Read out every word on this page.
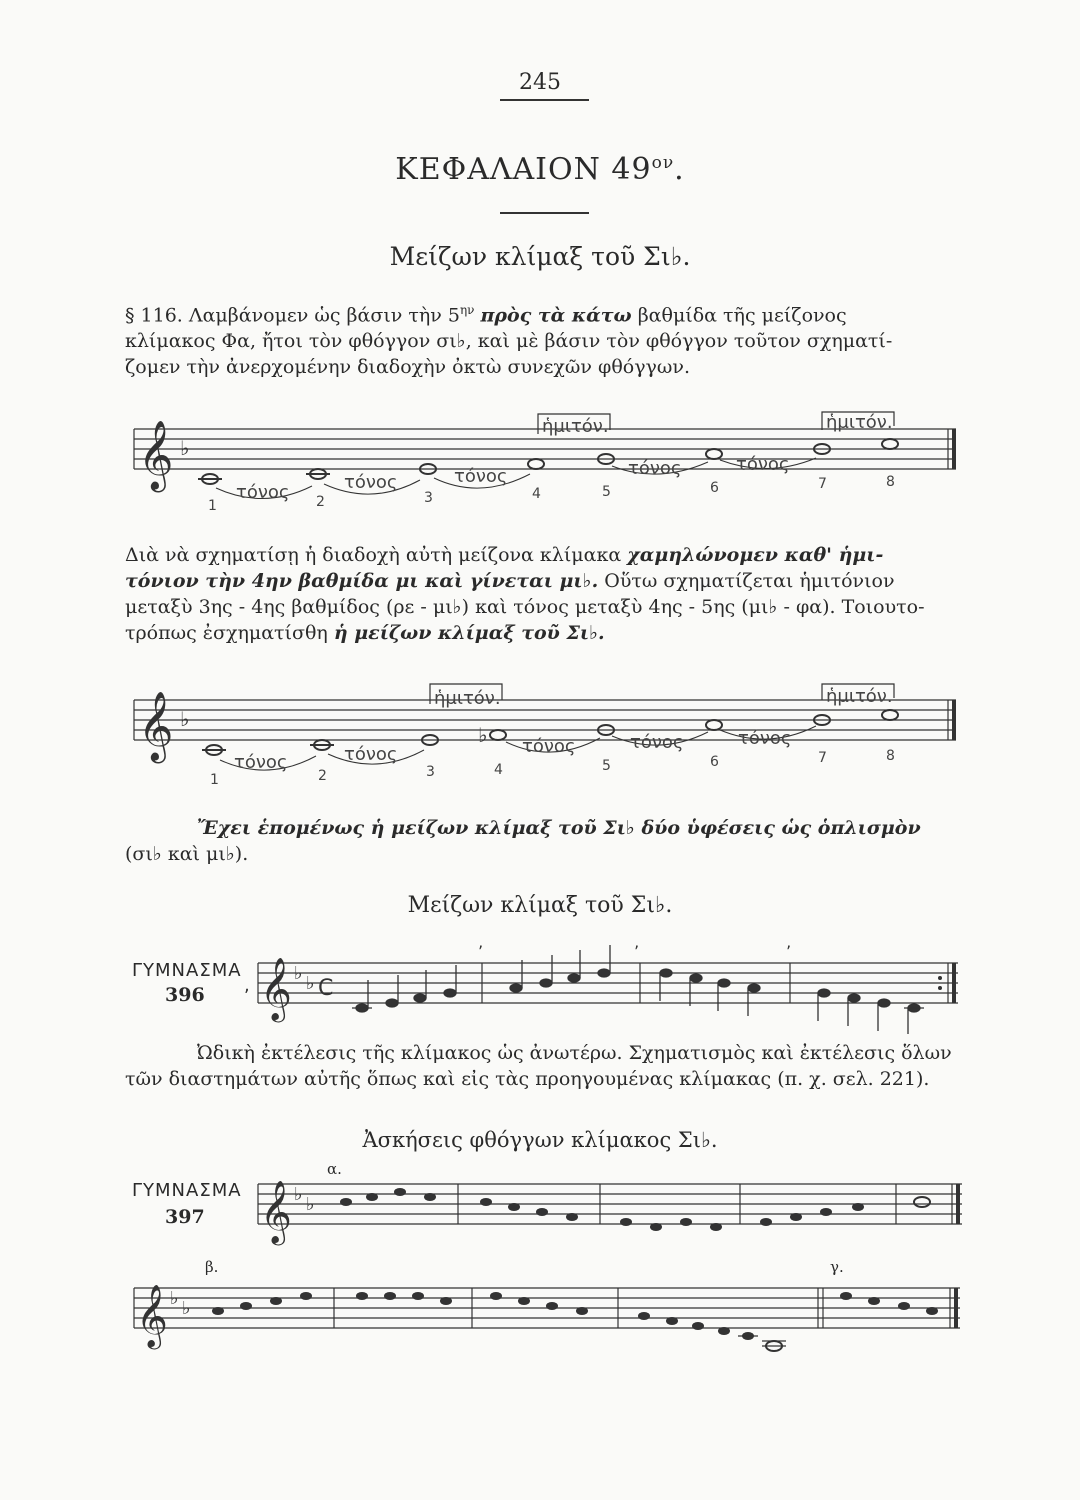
245
ΚΕΦΑΛΑΙΟΝ $49^{o\nu}$.
Μείζων κλίμαξ τοῦ Σι♭.
§ 116. Λαμβάνομεν ὡς βάσιν τὴν $5^{\eta\nu}$ πρὸς τὰ κάτω βαθμίδα τῆς μείζονος
κλίμακος Φα, ἤτοι τὸν φθόγγον σι♭, καὶ μὲ βάσιν τὸν φθόγγον τοῦτον σχηματί-
ζομεν τὴν ἀνερχομένην διαδοχὴν ὀκτὼ συνεχῶν φθόγγων.
𝄞 ♭
τόνος	τόνος	τόνος	τόνος	τόνος
ἡμιτόν.	ἡμιτόν.
1	2	3	4	5	6	7	8
Διὰ νὰ σχηματίσῃ ἡ διαδοχὴ αὐτὴ μείζονα κλίμακα χαμηλώνομεν καθ' ἡμι-
τόνιον τὴν 4ην βαθμίδα μι καὶ γίνεται μι♭. Οὕτω σχηματίζεται ἡμιτόνιον
μεταξὺ 3ης - 4ης βαθμίδος (ρε - μι♭) καὶ τόνος μεταξὺ 4ης - 5ης (μι♭ - φα). Τοιουτο-
τρόπως ἐσχηματίσθη ἡ μείζων κλίμαξ τοῦ Σι♭.
𝄞 ♭
♭
τόνος	τόνος	τόνος	τόνος	τόνος
ἡμιτόν.	ἡμιτόν.
1	2	3	4	5	6	7	8
Ἔχει ἑπομένως ἡ μείζων κλίμαξ τοῦ Σι♭ δύο ὑφέσεις ὡς ὁπλισμὸν
(σι♭ καὶ μι♭).
Μείζων κλίμαξ τοῦ Σι♭.
ΓΥΜΝΑΣΜΑ
396 𝄞 ♭ ♭ C
,
’	’	’
Ὠδικὴ ἐκτέλεσις τῆς κλίμακος ὡς ἀνωτέρω. Σχηματισμὸς καὶ ἐκτέλεσις ὅλων
τῶν διαστημάτων αὐτῆς ὅπως καὶ εἰς τὰς προηγουμένας κλίμακας (π. χ. σελ. 221).
Ἀσκήσεις φθόγγων κλίμακος Σι♭.
ΓΥΜΝΑΣΜΑ
397
α.
𝄞 ♭ ♭
β.	γ.
𝄞 ♭ ♭
